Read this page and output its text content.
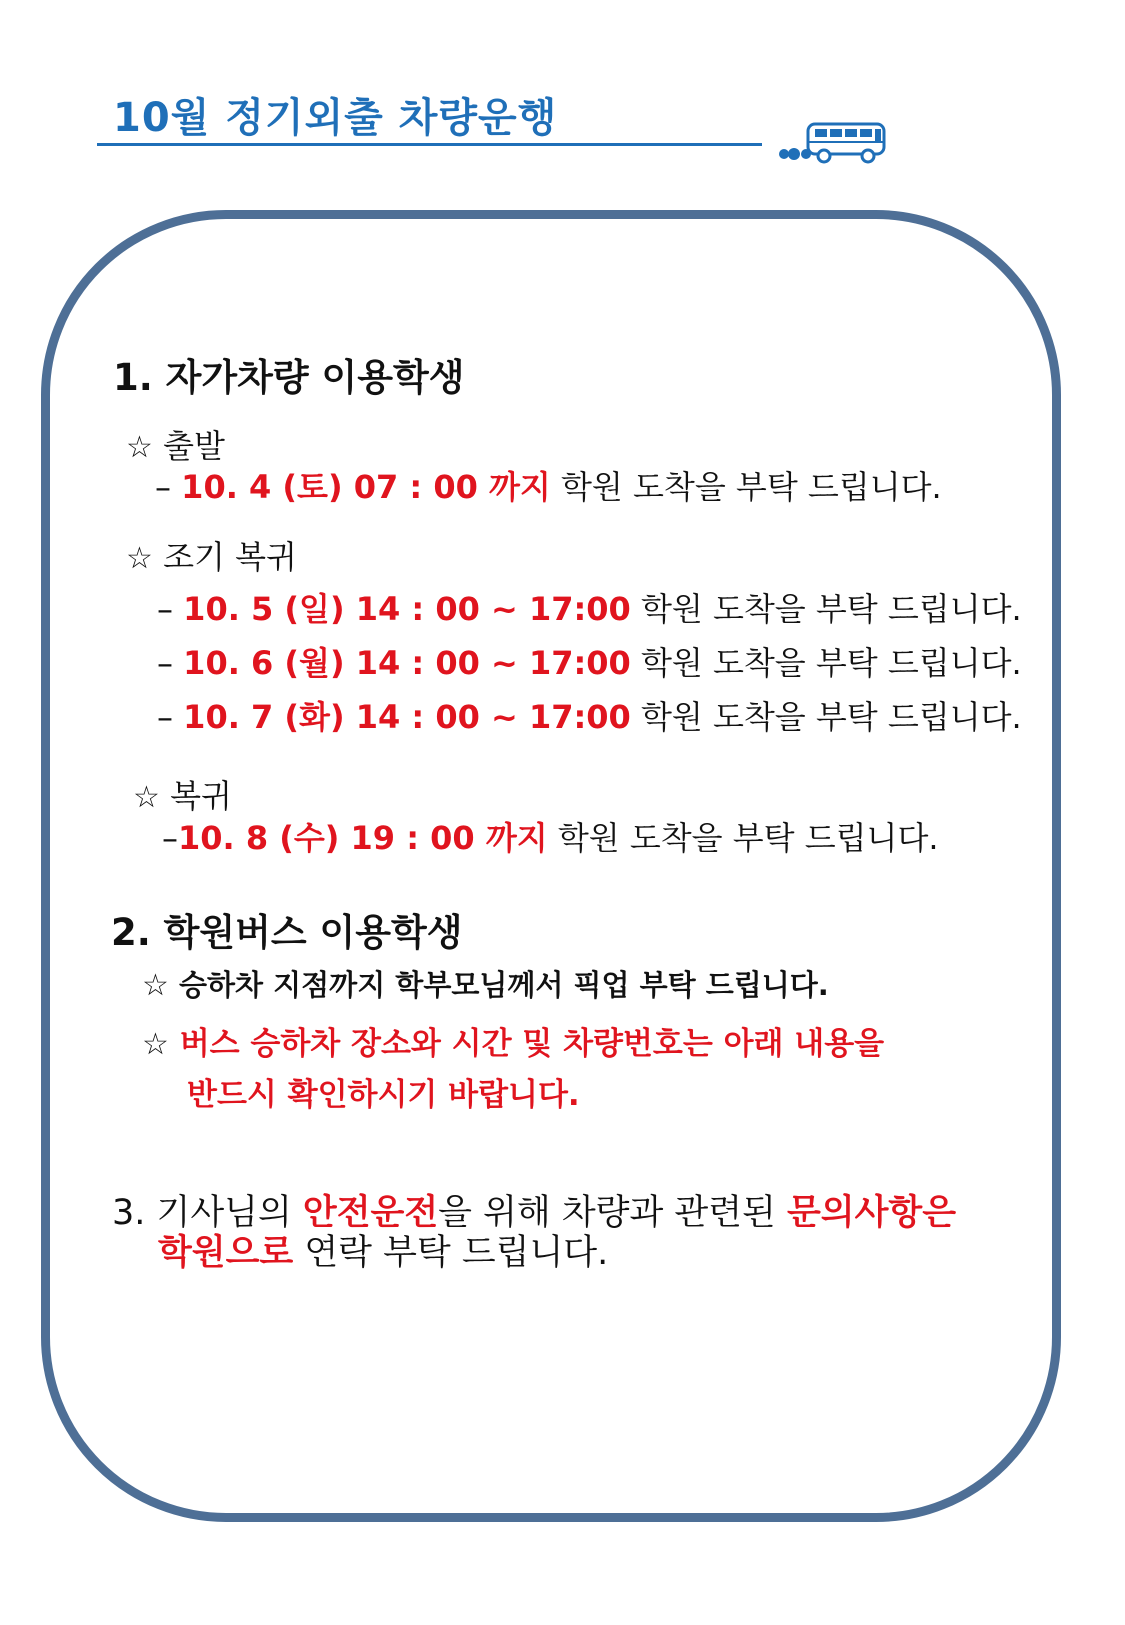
10월 정기외출 차량운행
1. 자가차량 이용학생
☆ 출발
– 10. 4 (토) 07 : 00 까지 학원 도착을 부탁 드립니다.
☆ 조기 복귀
– 10. 5 (일) 14 : 00 ~ 17:00 학원 도착을 부탁 드립니다.
– 10. 6 (월) 14 : 00 ~ 17:00 학원 도착을 부탁 드립니다.
– 10. 7 (화) 14 : 00 ~ 17:00 학원 도착을 부탁 드립니다.
☆ 복귀
–10. 8 (수) 19 : 00 까지 학원 도착을 부탁 드립니다.
2. 학원버스 이용학생
☆ 승하차 지점까지 학부모님께서 픽업 부탁 드립니다.
☆ 버스 승하차 장소와 시간 및 차량번호는 아래 내용을
반드시 확인하시기 바랍니다.
3. 기사님의 안전운전을 위해 차량과 관련된 문의사항은
학원으로 연락 부탁 드립니다.
